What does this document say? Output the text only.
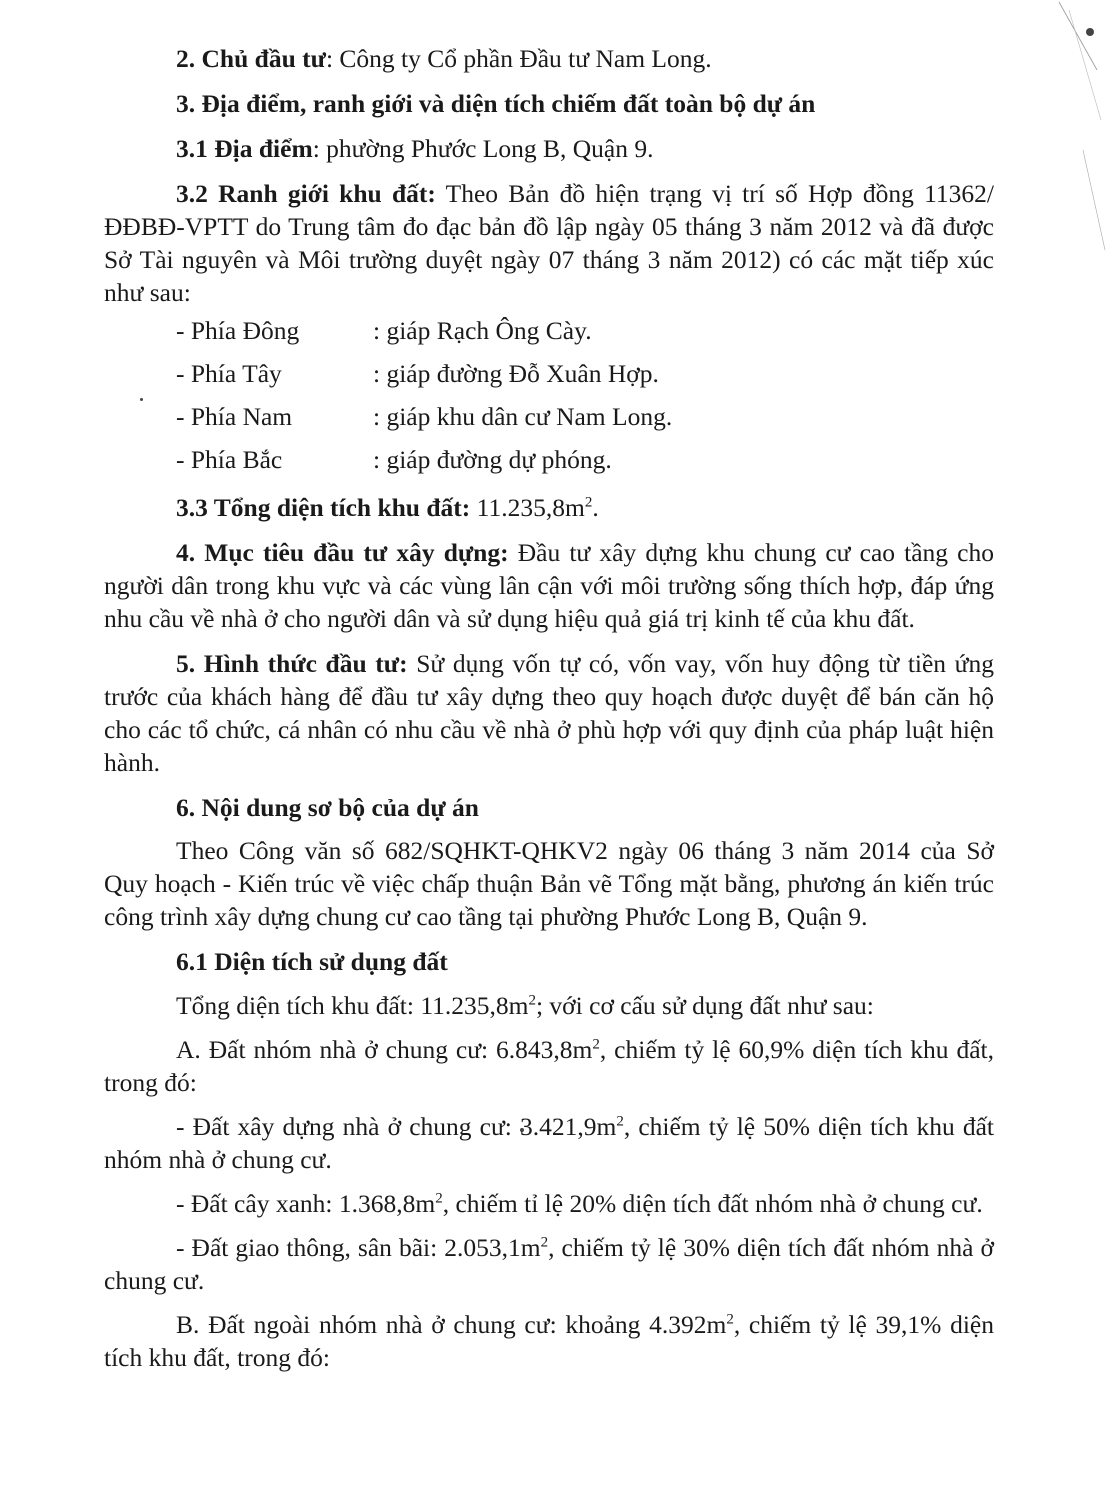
2. Chủ đầu tư: Công ty Cổ phần Đầu tư Nam Long.

3. Địa điểm, ranh giới và diện tích chiếm đất toàn bộ dự án

3.1 Địa điểm: phường Phước Long B, Quận 9.

3.2 Ranh giới khu đất: Theo Bản đồ hiện trạng vị trí số Hợp đồng 11362/ĐĐBĐ-VPTT do Trung tâm đo đạc bản đồ lập ngày 05 tháng 3 năm 2012 và đã được Sở Tài nguyên và Môi trường duyệt ngày 07 tháng 3 năm 2012) có các mặt tiếp xúc như sau:

- Phía Đông	: giáp Rạch Ông Cày.
- Phía Tây	: giáp đường Đỗ Xuân Hợp.
- Phía Nam	: giáp khu dân cư Nam Long.
- Phía Bắc	: giáp đường dự phóng.

3.3 Tổng diện tích khu đất: $11.235,8m^2$.

4. Mục tiêu đầu tư xây dựng: Đầu tư xây dựng khu chung cư cao tầng cho người dân trong khu vực và các vùng lân cận với môi trường sống thích hợp, đáp ứng nhu cầu về nhà ở cho người dân và sử dụng hiệu quả giá trị kinh tế của khu đất.

5. Hình thức đầu tư: Sử dụng vốn tự có, vốn vay, vốn huy động từ tiền ứng trước của khách hàng để đầu tư xây dựng theo quy hoạch được duyệt để bán căn hộ cho các tổ chức, cá nhân có nhu cầu về nhà ở phù hợp với quy định của pháp luật hiện hành.

6. Nội dung sơ bộ của dự án

Theo Công văn số 682/SQHKT-QHKV2 ngày 06 tháng 3 năm 2014 của Sở Quy hoạch - Kiến trúc về việc chấp thuận Bản vẽ Tổng mặt bằng, phương án kiến trúc công trình xây dựng chung cư cao tầng tại phường Phước Long B, Quận 9.

6.1 Diện tích sử dụng đất

Tổng diện tích khu đất: $11.235,8m^2$; với cơ cấu sử dụng đất như sau:

A. Đất nhóm nhà ở chung cư: $6.843,8m^2$, chiếm tỷ lệ 60,9% diện tích khu đất, trong đó:

- Đất xây dựng nhà ở chung cư: $3.421,9m^2$, chiếm tỷ lệ 50% diện tích khu đất nhóm nhà ở chung cư.

- Đất cây xanh: $1.368,8m^2$, chiếm tỉ lệ 20% diện tích đất nhóm nhà ở chung cư.

- Đất giao thông, sân bãi: $2.053,1m^2$, chiếm tỷ lệ 30% diện tích đất nhóm nhà ở chung cư.

B. Đất ngoài nhóm nhà ở chung cư: khoảng $4.392m^2$, chiếm tỷ lệ 39,1% diện tích khu đất, trong đó:
